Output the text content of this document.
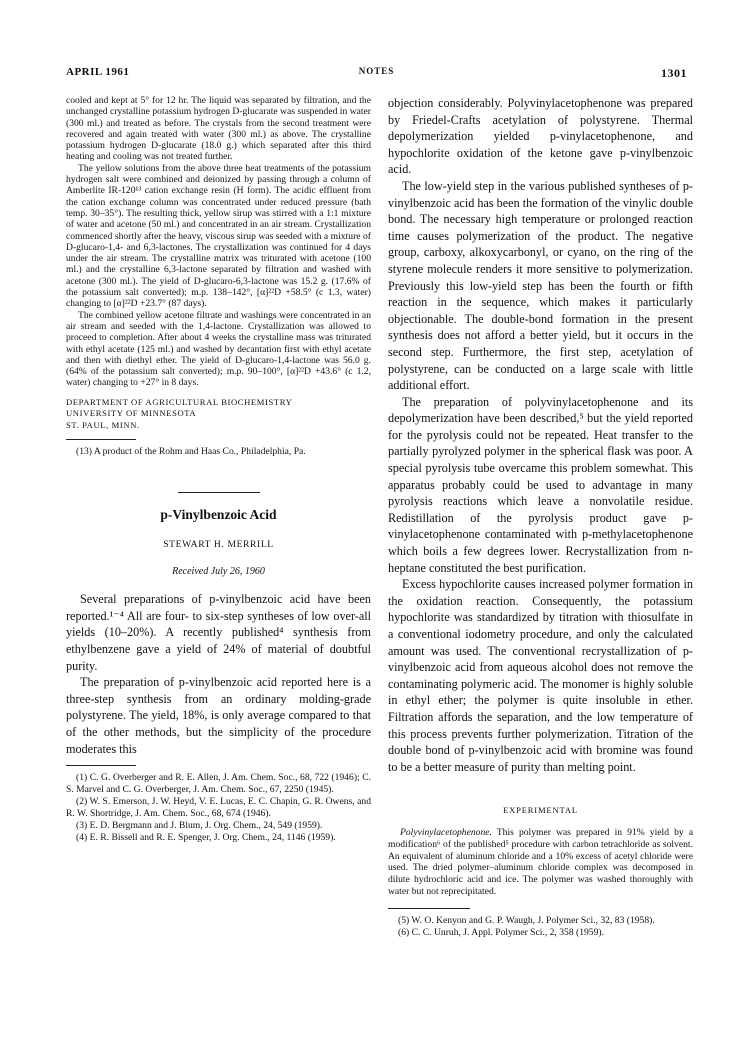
APRIL 1961	NOTES	1301

cooled and kept at 5° for 12 hr. The liquid was separated by filtration, and the unchanged crystalline potassium hydrogen D-glucarate was suspended in water (300 ml.) and treated as before. The crystals from the second treatment were recovered and again treated with water (300 ml.) as above. The crystalline potassium hydrogen D-glucarate (18.0 g.) which separated after this third heating and cooling was not treated further.

The yellow solutions from the above three heat treatments of the potassium hydrogen salt were combined and deionized by passing through a column of Amberlite IR-120¹³ cation exchange resin (H form). The acidic effluent from the cation exchange column was concentrated under reduced pressure (bath temp. 30–35°). The resulting thick, yellow sirup was stirred with a 1:1 mixture of water and acetone (50 ml.) and concentrated in an air stream. Crystallization commenced shortly after the heavy, viscous sirup was seeded with a mixture of D-glucaro-1,4- and 6,3-lactones. The crystallization was continued for 4 days under the air stream. The crystalline matrix was triturated with acetone (100 ml.) and the crystalline 6,3-lactone separated by filtration and washed with acetone (300 ml.). The yield of D-glucaro-6,3-lactone was 15.2 g. (17.6% of the potassium salt converted); m.p. 138–142°, [α]²²D +58.5° (c 1.3, water) changing to [α]²²D +23.7° (87 days).

The combined yellow acetone filtrate and washings were concentrated in an air stream and seeded with the 1,4-lactone. Crystallization was allowed to proceed to completion. After about 4 weeks the crystalline mass was triturated with ethyl acetate (125 ml.) and washed by decantation first with ethyl acetate and then with diethyl ether. The yield of D-glucaro-1,4-lactone was 56.0 g. (64% of the potassium salt converted); m.p. 90–100°, [α]²²D +43.6° (c 1.2, water) changing to +27° in 8 days.

DEPARTMENT OF AGRICULTURAL BIOCHEMISTRY
UNIVERSITY OF MINNESOTA
ST. PAUL, MINN.

(13) A product of the Rohm and Haas Co., Philadelphia, Pa.

p-Vinylbenzoic Acid
STEWART H. MERRILL
Received July 26, 1960

Several preparations of p-vinylbenzoic acid have been reported.¹⁻⁴ All are four- to six-step syntheses of low over-all yields (10–20%). A recently published⁴ synthesis from ethylbenzene gave a yield of 24% of material of doubtful purity.

The preparation of p-vinylbenzoic acid reported here is a three-step synthesis from an ordinary molding-grade polystyrene. The yield, 18%, is only average compared to that of the other methods, but the simplicity of the procedure moderates this

(1) C. G. Overberger and R. E. Allen, J. Am. Chem. Soc., 68, 722 (1946); C. S. Marvel and C. G. Overberger, J. Am. Chem. Soc., 67, 2250 (1945).

(2) W. S. Emerson, J. W. Heyd, V. E. Lucas, E. C. Chapin, G. R. Owens, and R. W. Shortridge, J. Am. Chem. Soc., 68, 674 (1946).

(3) E. D. Bergmann and J. Blum, J. Org. Chem., 24, 549 (1959).

(4) E. R. Bissell and R. E. Spenger, J. Org. Chem., 24, 1146 (1959).

objection considerably. Polyvinylacetophenone was prepared by Friedel-Crafts acetylation of polystyrene. Thermal depolymerization yielded p-vinylacetophenone, and hypochlorite oxidation of the ketone gave p-vinylbenzoic acid.

The low-yield step in the various published syntheses of p-vinylbenzoic acid has been the formation of the vinylic double bond. The necessary high temperature or prolonged reaction time causes polymerization of the product. The negative group, carboxy, alkoxycarbonyl, or cyano, on the ring of the styrene molecule renders it more sensitive to polymerization. Previously this low-yield step has been the fourth or fifth reaction in the sequence, which makes it particularly objectionable. The double-bond formation in the present synthesis does not afford a better yield, but it occurs in the second step. Furthermore, the first step, acetylation of polystyrene, can be conducted on a large scale with little additional effort.

The preparation of polyvinylacetophenone and its depolymerization have been described,⁵ but the yield reported for the pyrolysis could not be repeated. Heat transfer to the partially pyrolyzed polymer in the spherical flask was poor. A special pyrolysis tube overcame this problem somewhat. This apparatus probably could be used to advantage in many pyrolysis reactions which leave a nonvolatile residue. Redistillation of the pyrolysis product gave p-vinylacetophenone contaminated with p-methylacetophenone which boils a few degrees lower. Recrystallization from n-heptane constituted the best purification.

Excess hypochlorite causes increased polymer formation in the oxidation reaction. Consequently, the potassium hypochlorite was standardized by titration with thiosulfate in a conventional iodometry procedure, and only the calculated amount was used. The conventional recrystallization of p-vinylbenzoic acid from aqueous alcohol does not remove the contaminating polymeric acid. The monomer is highly soluble in ethyl ether; the polymer is quite insoluble in ether. Filtration affords the separation, and the low temperature of this process prevents further polymerization. Titration of the double bond of p-vinylbenzoic acid with bromine was found to be a better measure of purity than melting point.

EXPERIMENTAL

Polyvinylacetophenone. This polymer was prepared in 91% yield by a modification⁶ of the published⁵ procedure with carbon tetrachloride as solvent. An equivalent of aluminum chloride and a 10% excess of acetyl chloride were used. The dried polymer–aluminum chloride complex was decomposed in dilute hydrochloric acid and ice. The polymer was washed thoroughly with water but not reprecipitated.

(5) W. O. Kenyon and G. P. Waugh, J. Polymer Sci., 32, 83 (1958).

(6) C. C. Unruh, J. Appl. Polymer Sci., 2, 358 (1959).
